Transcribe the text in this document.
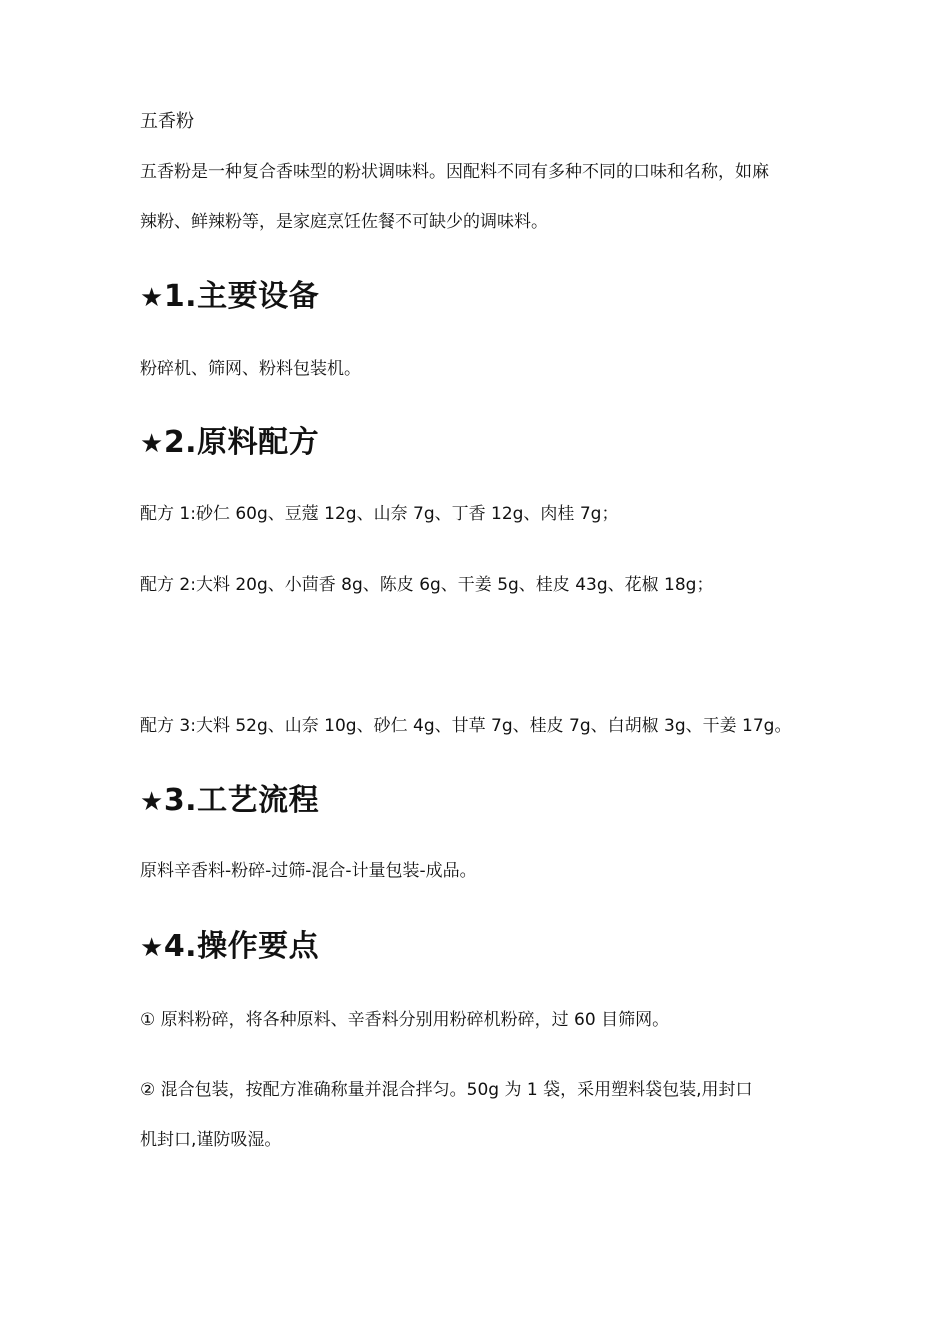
五香粉
五香粉是一种复合香味型的粉状调味料。因配料不同有多种不同的口味和名称，如麻
辣粉、鲜辣粉等，是家庭烹饪佐餐不可缺少的调味料。
★1.主要设备
粉碎机、筛网、粉料包装机。
★2.原料配方
配方 1:砂仁 60g、豆蔻 12g、山奈 7g、丁香 12g、肉桂 7g；
配方 2:大料 20g、小茴香 8g、陈皮 6g、干姜 5g、桂皮 43g、花椒 18g；
配方 3:大料 52g、山奈 10g、砂仁 4g、甘草 7g、桂皮 7g、白胡椒 3g、干姜 17g。
★3.工艺流程
原料辛香料-粉碎-过筛-混合-计量包装-成品。
★4.操作要点
① 原料粉碎，将各种原料、辛香料分别用粉碎机粉碎，过 60 目筛网。
② 混合包装，按配方准确称量并混合拌匀。50g 为 1 袋，采用塑料袋包装,用封口
机封口,谨防吸湿。
